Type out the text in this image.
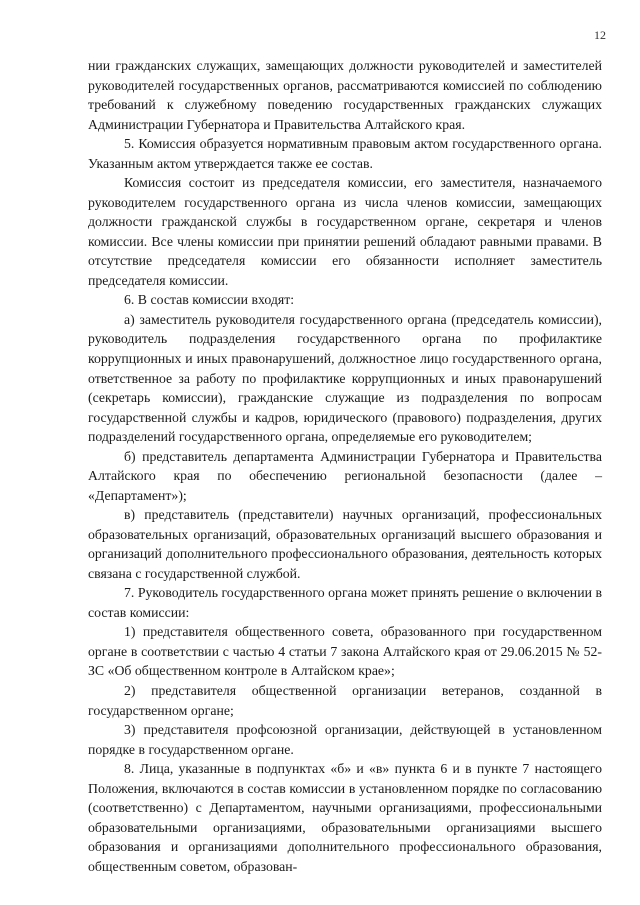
12

нии гражданских служащих, замещающих должности руководителей и заместителей руководителей государственных органов, рассматриваются комиссией по соблюдению требований к служебному поведению государственных гражданских служащих Администрации Губернатора и Правительства Алтайского края.

5. Комиссия образуется нормативным правовым актом государственного органа. Указанным актом утверждается также ее состав.

Комиссия состоит из председателя комиссии, его заместителя, назначаемого руководителем государственного органа из числа членов комиссии, замещающих должности гражданской службы в государственном органе, секретаря и членов комиссии. Все члены комиссии при принятии решений обладают равными правами. В отсутствие председателя комиссии его обязанности исполняет заместитель председателя комиссии.

6. В состав комиссии входят:

а) заместитель руководителя государственного органа (председатель комиссии), руководитель подразделения государственного органа по профилактике коррупционных и иных правонарушений, должностное лицо государственного органа, ответственное за работу по профилактике коррупционных и иных правонарушений (секретарь комиссии), гражданские служащие из подразделения по вопросам государственной службы и кадров, юридического (правового) подразделения, других подразделений государственного органа, определяемые его руководителем;

б) представитель департамента Администрации Губернатора и Правительства Алтайского края по обеспечению региональной безопасности (далее – «Департамент»);

в) представитель (представители) научных организаций, профессиональных образовательных организаций, образовательных организаций высшего образования и организаций дополнительного профессионального образования, деятельность которых связана с государственной службой.

7. Руководитель государственного органа может принять решение о включении в состав комиссии:

1) представителя общественного совета, образованного при государственном органе в соответствии с частью 4 статьи 7 закона Алтайского края от 29.06.2015 № 52-ЗС «Об общественном контроле в Алтайском крае»;

2) представителя общественной организации ветеранов, созданной в государственном органе;

3) представителя профсоюзной организации, действующей в установленном порядке в государственном органе.

8. Лица, указанные в подпунктах «б» и «в» пункта 6 и в пункте 7 настоящего Положения, включаются в состав комиссии в установленном порядке по согласованию (соответственно) с Департаментом, научными организациями, профессиональными образовательными организациями, образовательными организациями высшего образования и организациями дополнительного профессионального образования, общественным советом, образован-
